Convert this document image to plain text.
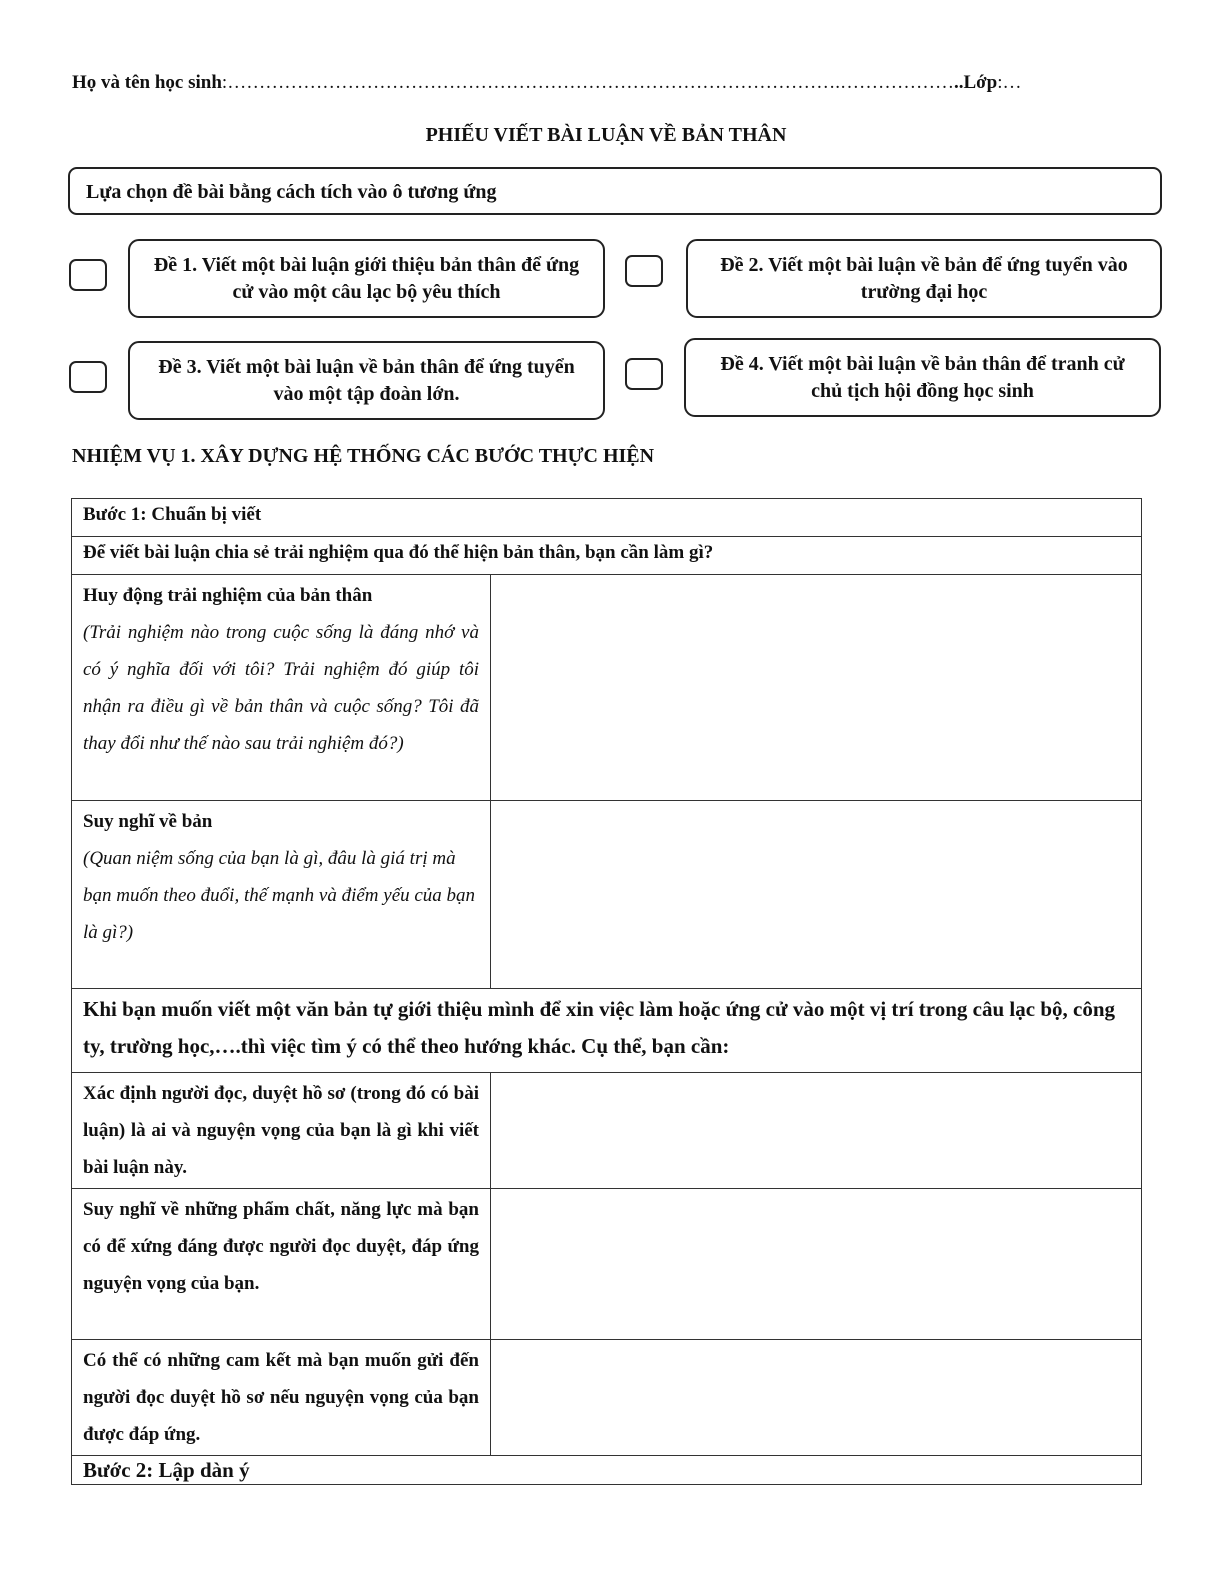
Họ và tên học sinh:…………………………………………………………………………………….………………..Lớp:…
PHIẾU VIẾT BÀI LUẬN VỀ BẢN THÂN
Lựa chọn đề bài bằng cách tích vào ô tương ứng
Đề 1. Viết một bài luận giới thiệu bản thân để ứng cử vào một câu lạc bộ yêu thích
Đề 2. Viết một bài luận về bản để ứng tuyển vào trường đại học
Đề 3. Viết một bài luận về bản thân để ứng tuyển vào một tập đoàn lớn.
Đề 4. Viết một bài luận về bản thân để tranh cử chủ tịch hội đồng học sinh
NHIỆM VỤ 1. XÂY DỰNG HỆ THỐNG CÁC BƯỚC THỰC HIỆN
Bước 1: Chuẩn bị viết	
Để viết bài luận chia sẻ trải nghiệm qua đó thể hiện bản thân, bạn cần làm gì?	

Huy động trải nghiệm của bản thân
(Trải nghiệm nào trong cuộc sống là đáng nhớ và có ý nghĩa đối với tôi? Trải nghiệm đó giúp tôi nhận ra điều gì về bản thân và cuộc sống? Tôi đã thay đổi như thế nào sau trải nghiệm đó?)	

Suy nghĩ về bản
(Quan niệm sống của bạn là gì, đâu là giá trị mà bạn muốn theo đuổi, thế mạnh và điểm yếu của bạn là gì?)	

Khi bạn muốn viết một văn bản tự giới thiệu mình để xin việc làm hoặc ứng cử vào một vị trí trong câu lạc bộ, công ty, trường học,….thì việc tìm ý có thể theo hướng khác. Cụ thể, bạn cần:	
Xác định người đọc, duyệt hồ sơ (trong đó có bài luận) là ai và nguyện vọng của bạn là gì khi viết bài luận này.	
Suy nghĩ về những phẩm chất, năng lực mà bạn có để xứng đáng được người đọc duyệt, đáp ứng nguyện vọng của bạn.	
Có thể có những cam kết mà bạn muốn gửi đến người đọc duyệt hồ sơ nếu nguyện vọng của bạn được đáp ứng.	
Bước 2: Lập dàn ý	
